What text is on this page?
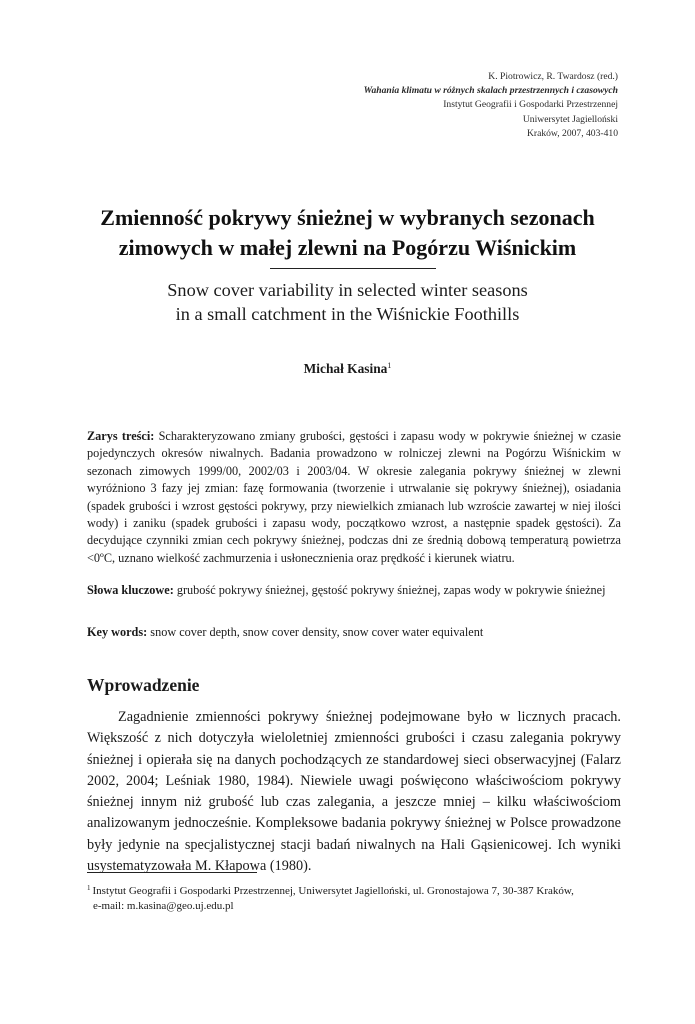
K. Piotrowicz, R. Twardosz (red.)
Wahania klimatu w różnych skalach przestrzennych i czasowych
Instytut Geografii i Gospodarki Przestrzennej
Uniwersytet Jagielloński
Kraków, 2007, 403-410
Zmienność pokrywy śnieżnej w wybranych sezonach
zimowych w małej zlewni na Pogórzu Wiśnickim
Snow cover variability in selected winter seasons
in a small catchment in the Wiśnickie Foothills
Michał Kasina$^1$
Zarys treści: Scharakteryzowano zmiany grubości, gęstości i zapasu wody w pokrywie śnieżnej w czasie pojedynczych okresów niwalnych. Badania prowadzono w rolniczej zlewni na Pogórzu Wiśnickim w sezonach zimowych 1999/00, 2002/03 i 2003/04. W okresie zalegania pokrywy śnieżnej w zlewni wyróżniono 3 fazy jej zmian: fazę formowania (tworzenie i utrwalanie się pokrywy śnieżnej), osiadania (spadek grubości i wzrost gęstości pokrywy, przy niewielkich zmianach lub wzroście zawartej w niej ilości wody) i zaniku (spadek grubości i zapasu wody, początkowo wzrost, a następnie spadek gęstości). Za decydujące czynniki zmian cech pokrywy śnieżnej, podczas dni ze średnią dobową temperaturą powietrza <0ºC, uznano wielkość zachmurzenia i usłonecznienia oraz prędkość i kierunek wiatru.
Słowa kluczowe: grubość pokrywy śnieżnej, gęstość pokrywy śnieżnej, zapas wody w pokrywie śnieżnej
Key words: snow cover depth, snow cover density, snow cover water equivalent
Wprowadzenie
Zagadnienie zmienności pokrywy śnieżnej podejmowane było w licznych pracach. Większość z nich dotyczyła wieloletniej zmienności grubości i czasu zalegania pokrywy śnieżnej i opierała się na danych pochodzących ze standardowej sieci obserwacyjnej (Falarz 2002, 2004; Leśniak 1980, 1984). Niewiele uwagi poświęcono właściwościom pokrywy śnieżnej innym niż grubość lub czas zalegania, a jeszcze mniej – kilku właściwościom analizowanym jednocześnie. Kompleksowe badania pokrywy śnieżnej w Polsce prowadzone były jedynie na specjalistycznej stacji badań niwalnych na Hali Gąsienicowej. Ich wyniki usystematyzowała M. Kłapowa (1980).
$^1$ Instytut Geografii i Gospodarki Przestrzennej, Uniwersytet Jagielloński, ul. Gronostajowa 7, 30-387 Kraków,
e-mail: m.kasina@geo.uj.edu.pl
